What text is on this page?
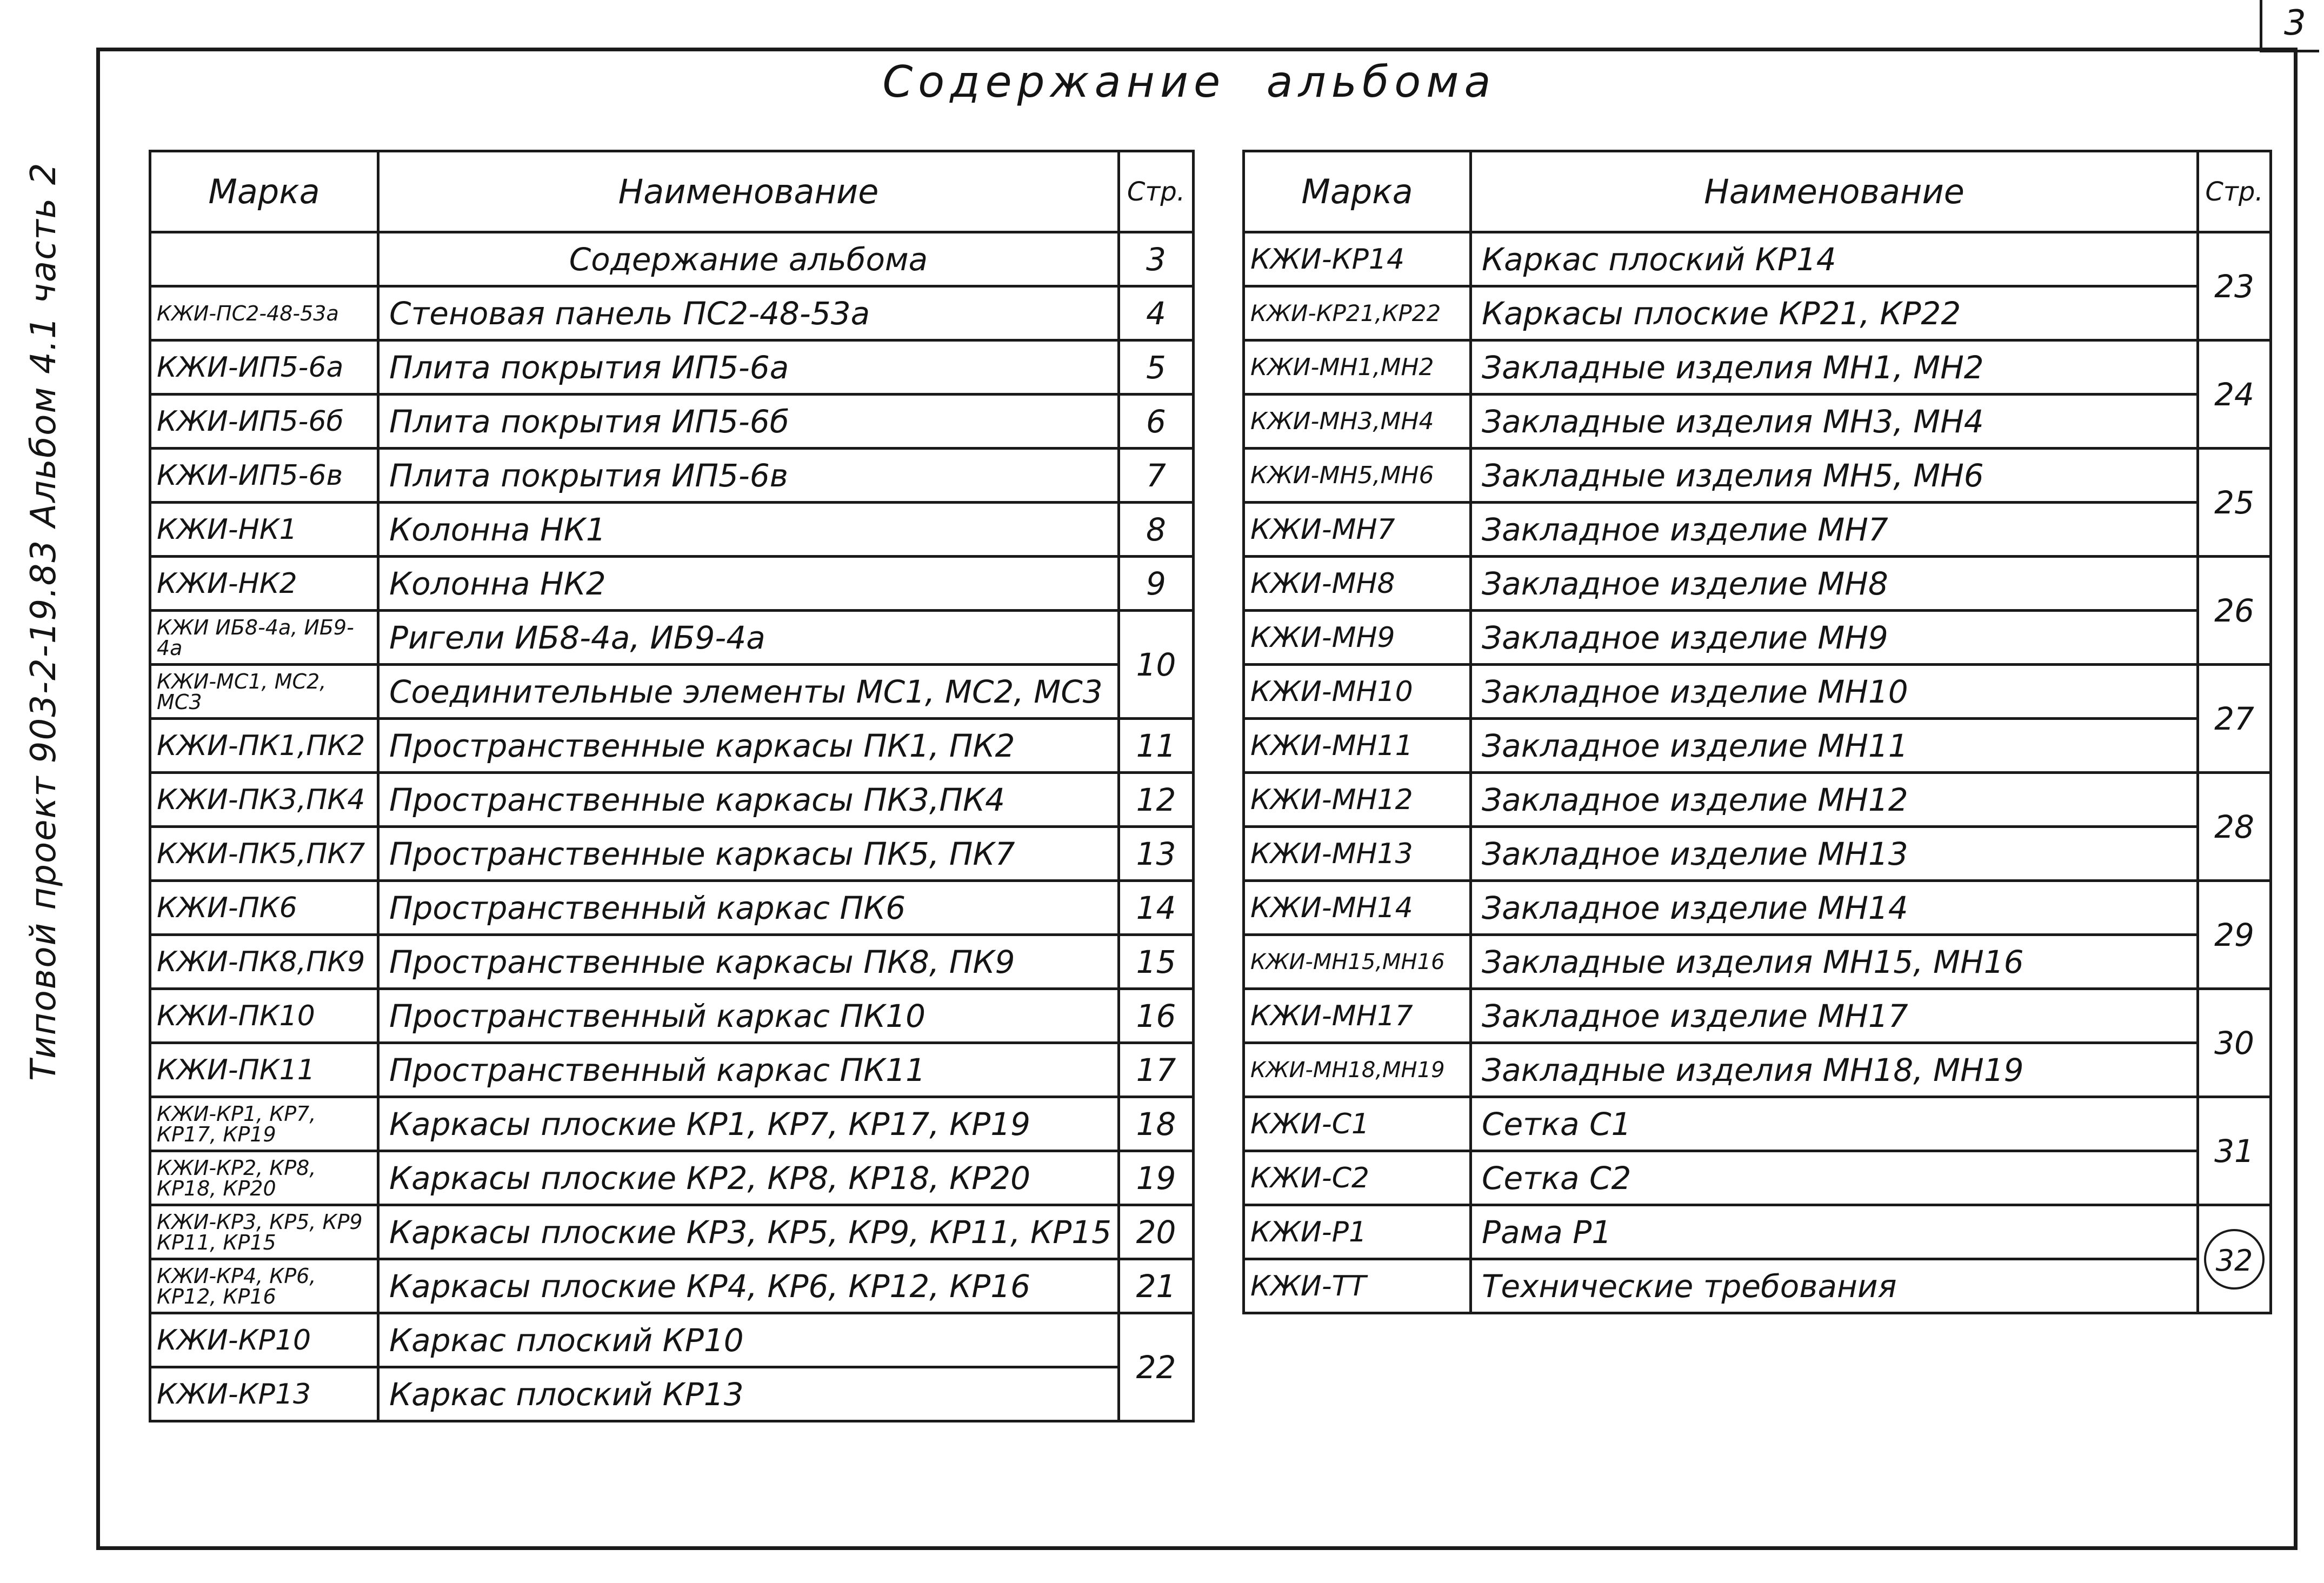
3
Типовой проект 903-2-19.83 Альбом 4.1 часть 2
Содержание альбома
Марка	Наименование	Стр.
	Содержание альбома	3
КЖИ-ПС2-48-53а	Стеновая панель ПС2-48-53а	4
КЖИ-ИП5-6а	Плита покрытия ИП5-6а	5
КЖИ-ИП5-6б	Плита покрытия ИП5-6б	6
КЖИ-ИП5-6в	Плита покрытия ИП5-6в	7
КЖИ-НК1	Колонна НК1	8
КЖИ-НК2	Колонна НК2	9
КЖИ ИБ8-4а, ИБ9-4а	Ригели ИБ8-4а, ИБ9-4а	10
КЖИ-МС1, МС2, МС3	Соединительные элементы МС1, МС2, МС3	
КЖИ-ПК1,ПК2	Пространственные каркасы ПК1, ПК2	11
КЖИ-ПК3,ПК4	Пространственные каркасы ПК3,ПК4	12
КЖИ-ПК5,ПК7	Пространственные каркасы ПК5, ПК7	13
КЖИ-ПК6	Пространственный каркас ПК6	14
КЖИ-ПК8,ПК9	Пространственные каркасы ПК8, ПК9	15
КЖИ-ПК10	Пространственный каркас ПК10	16
КЖИ-ПК11	Пространственный каркас ПК11	17
КЖИ-КР1, КР7, КР17, КР19	Каркасы плоские КР1, КР7, КР17, КР19	18
КЖИ-КР2, КР8, КР18, КР20	Каркасы плоские КР2, КР8, КР18, КР20	19
КЖИ-КР3, КР5, КР9 КР11, КР15	Каркасы плоские КР3, КР5, КР9, КР11, КР15	20
КЖИ-КР4, КР6, КР12, КР16	Каркасы плоские КР4, КР6, КР12, КР16	21
КЖИ-КР10	Каркас плоский КР10	22
КЖИ-КР13	Каркас плоский КР13	
Марка	Наименование	Стр.
КЖИ-КР14	Каркас плоский КР14	23
КЖИ-КР21,КР22	Каркасы плоские КР21, КР22	
КЖИ-МН1,МН2	Закладные изделия МН1, МН2	24
КЖИ-МН3,МН4	Закладные изделия МН3, МН4	
КЖИ-МН5,МН6	Закладные изделия МН5, МН6	25
КЖИ-МН7	Закладное изделие МН7	
КЖИ-МН8	Закладное изделие МН8	26
КЖИ-МН9	Закладное изделие МН9	
КЖИ-МН10	Закладное изделие МН10	27
КЖИ-МН11	Закладное изделие МН11	
КЖИ-МН12	Закладное изделие МН12	28
КЖИ-МН13	Закладное изделие МН13	
КЖИ-МН14	Закладное изделие МН14	29
КЖИ-МН15,МН16	Закладные изделия МН15, МН16	
КЖИ-МН17	Закладное изделие МН17	30
КЖИ-МН18,МН19	Закладные изделия МН18, МН19	
КЖИ-С1	Сетка С1	31
КЖИ-С2	Сетка С2	
КЖИ-Р1	Рама Р1	32
КЖИ-ТТ	Технические требования	
